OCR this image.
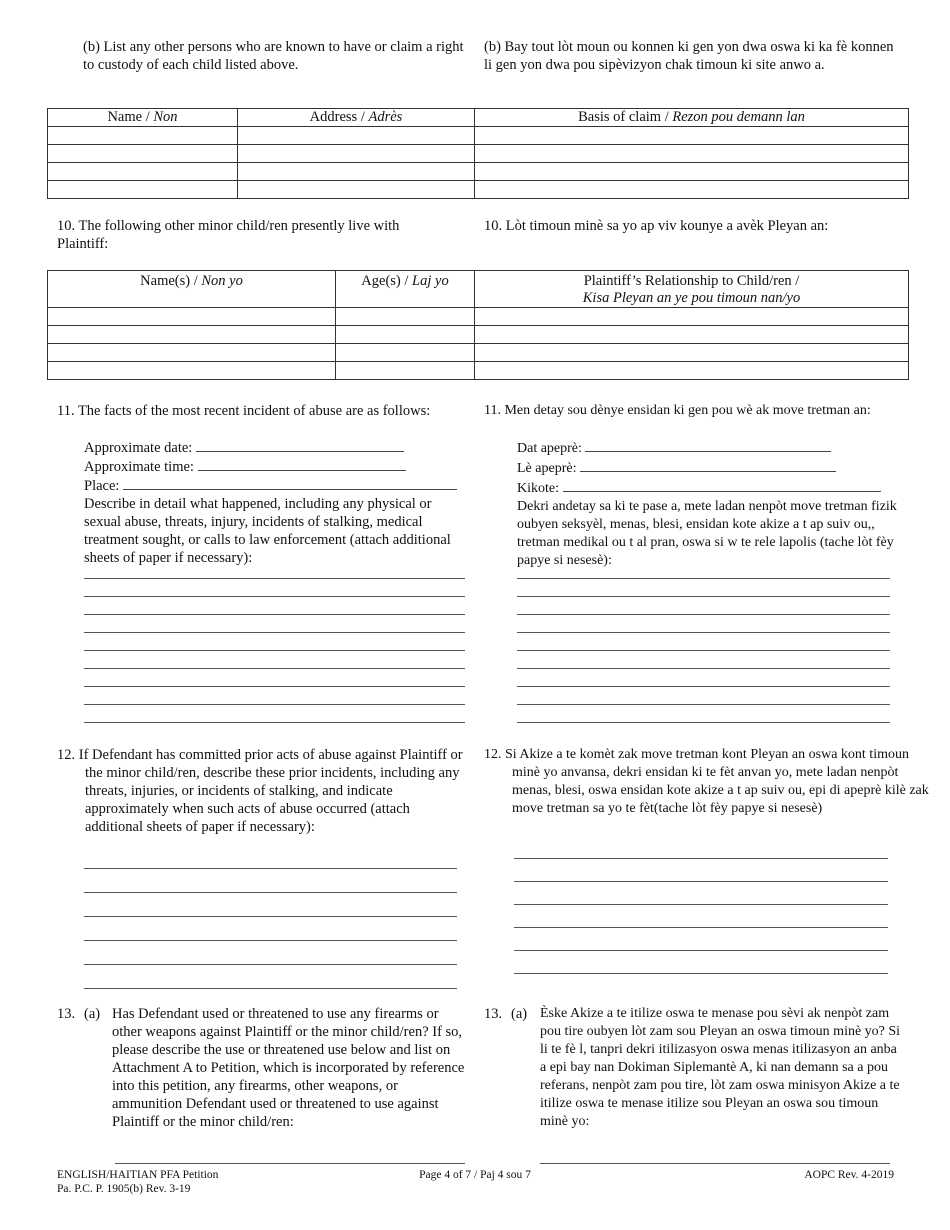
(b) List any other persons who are known to have or claim a right to custody of each child listed above.
(b) Bay tout lòt moun ou konnen ki gen yon dwa oswa ki ka fè konnen li gen yon dwa pou sipèvizyon chak timoun ki site anwo a.
Name / Non	Address / Adrès	Basis of claim / Rezon pou demann lan

10. The following other minor child/ren presently live with Plaintiff:
10. Lòt timoun minè sa yo ap viv kounye a avèk Pleyan an:
Name(s) / Non yo	Age(s) / Laj yo	Plaintiff’s Relationship to Child/ren /
Kisa Pleyan an ye pou timoun nan/yo

11. The facts of the most recent incident of abuse are as follows:
Approximate date:
Approximate time:
Place:
Describe in detail what happened, including any physical or sexual abuse, threats, injury, incidents of stalking, medical treatment sought, or calls to law enforcement (attach additional sheets of paper if necessary):
11. Men detay sou dènye ensidan ki gen pou wè ak move tretman an:
Dat apeprè:
Lè apeprè:
Kikote:
Dekri andetay sa ki te pase a, mete ladan nenpòt move tretman fizik oubyen seksyèl, menas, blesi, ensidan kote akize a t ap suiv ou,, tretman medikal ou t al pran, oswa si w te rele lapolis (tache lòt fèy papye si nesesè):
12. If Defendant has committed prior acts of abuse against Plaintiff or the minor child/ren, describe these prior incidents, including any threats, injuries, or incidents of stalking, and indicate approximately when such acts of abuse occurred (attach additional sheets of paper if necessary):
12. Si Akize a te komèt zak move tretman kont Pleyan an oswa kont timoun minè yo anvansa, dekri ensidan ki te fèt anvan yo, mete ladan nenpòt menas, blesi, oswa ensidan kote akize a t ap suiv ou, epi di apeprè kilè zak move tretman sa yo te fèt(tache lòt fèy papye si nesesè)
13. (a) Has Defendant used or threatened to use any firearms or other weapons against Plaintiff or the minor child/ren? If so, please describe the use or threatened use below and list on Attachment A to Petition, which is incorporated by reference into this petition, any firearms, other weapons, or ammunition Defendant used or threatened to use against Plaintiff or the minor child/ren:
13. (a) Èske Akize a te itilize oswa te menase pou sèvi ak nenpòt zam pou tire oubyen lòt zam sou Pleyan an oswa timoun minè yo? Si li te fè l, tanpri dekri itilizasyon oswa menas itilizasyon an anba a epi bay nan Dokiman Siplemantè A, ki nan demann sa a pou referans, nenpòt zam pou tire, lòt zam oswa minisyon Akize a te itilize oswa te menase itilize sou Pleyan an oswa sou timoun minè yo:
ENGLISH/HAITIAN PFA Petition
Pa. P.C. P. 1905(b) Rev. 3-19
Page 4 of 7 / Paj 4 sou 7	AOPC Rev. 4-2019
